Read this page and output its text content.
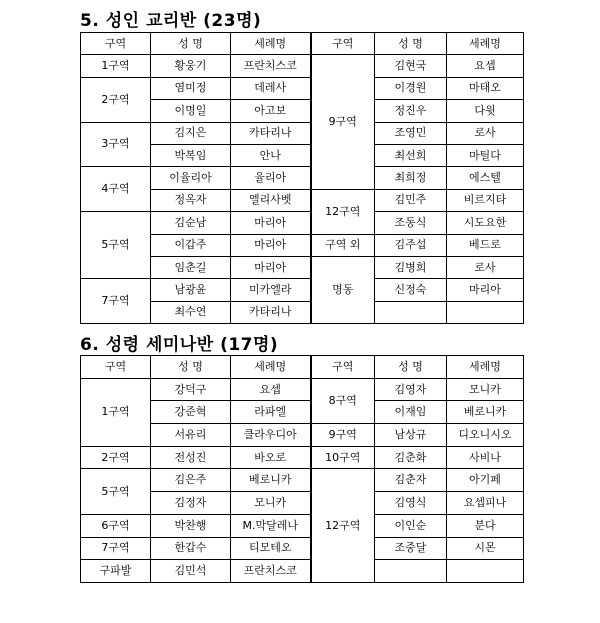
5. 성인 교리반 (23명)
구역	성 명	세례명	구역	성 명	세례명
1구역	황웅기	프란치스코	9구역	김현국	요셉
2구역	염미정	데레사		이경원	마태오
	이명일	아고보		정진우	다윗
3구역	김지은	카타리나		조영민	로사
	박복임	안나		최선희	마틸다
4구역	이율리아	율리아		최희정	에스텔
	정옥자	엘리사벳	12구역	김민주	비르지타
5구역	김순남	마리아		조동식	시도요한
	이갑주	마리아	구역 외	김주섭	베드로
	임춘길	마리아	명동	김병희	로사
7구역	남광윤	미카엘라		신정숙	마리아
	최수연	카타리나			
6. 성령 세미나반 (17명)
구역	성 명	세례명	구역	성 명	세례명
1구역	강덕구	요셉	8구역	김영자	모니카
	강준혁	라파엘		이재임	베로니카
	서유리	클라우디아	9구역	남상규	디오니시오
2구역	전성진	바오로	10구역	김춘화	사비나
5구역	김은주	베로니카	12구역	김춘자	아기페
	김정자	모니카		김영식	요셉피나
6구역	박찬행	M.막달레나		이인순	분다
7구역	한갑수	티모테오		조중달	시몬
구파발	김민석	프란치스코			
